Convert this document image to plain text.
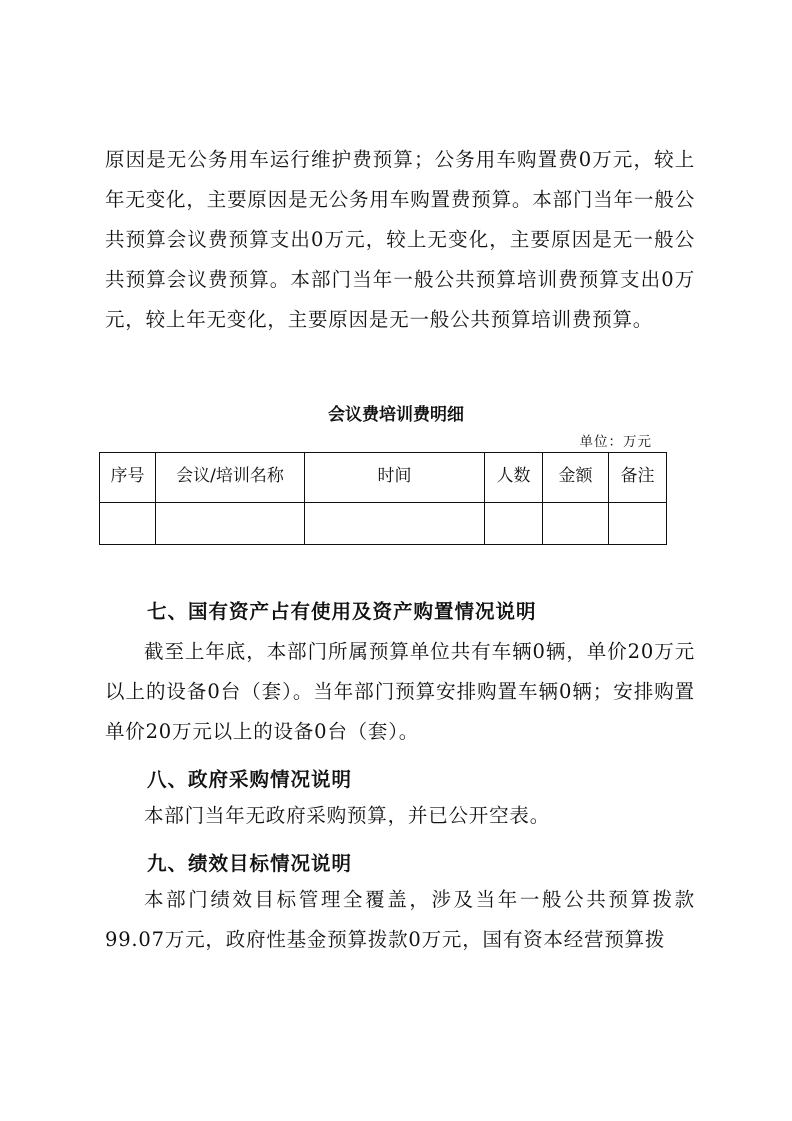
原因是无公务用车运行维护费预算；公务用车购置费0万元，较上年无变化，主要原因是无公务用车购置费预算。本部门当年一般公共预算会议费预算支出0万元，较上无变化，主要原因是无一般公共预算会议费预算。本部门当年一般公共预算培训费预算支出0万元，较上年无变化，主要原因是无一般公共预算培训费预算。

会议费培训费明细
单位：万元
序号	会议/培训名称	时间	人数	金额	备注

七、国有资产占有使用及资产购置情况说明

截至上年底，本部门所属预算单位共有车辆0辆，单价20万元以上的设备0台（套）。当年部门预算安排购置车辆0辆；安排购置单价20万元以上的设备0台（套）。

八、政府采购情况说明

本部门当年无政府采购预算，并已公开空表。

九、绩效目标情况说明

本部门绩效目标管理全覆盖，涉及当年一般公共预算拨款99.07万元，政府性基金预算拨款0万元，国有资本经营预算拨
